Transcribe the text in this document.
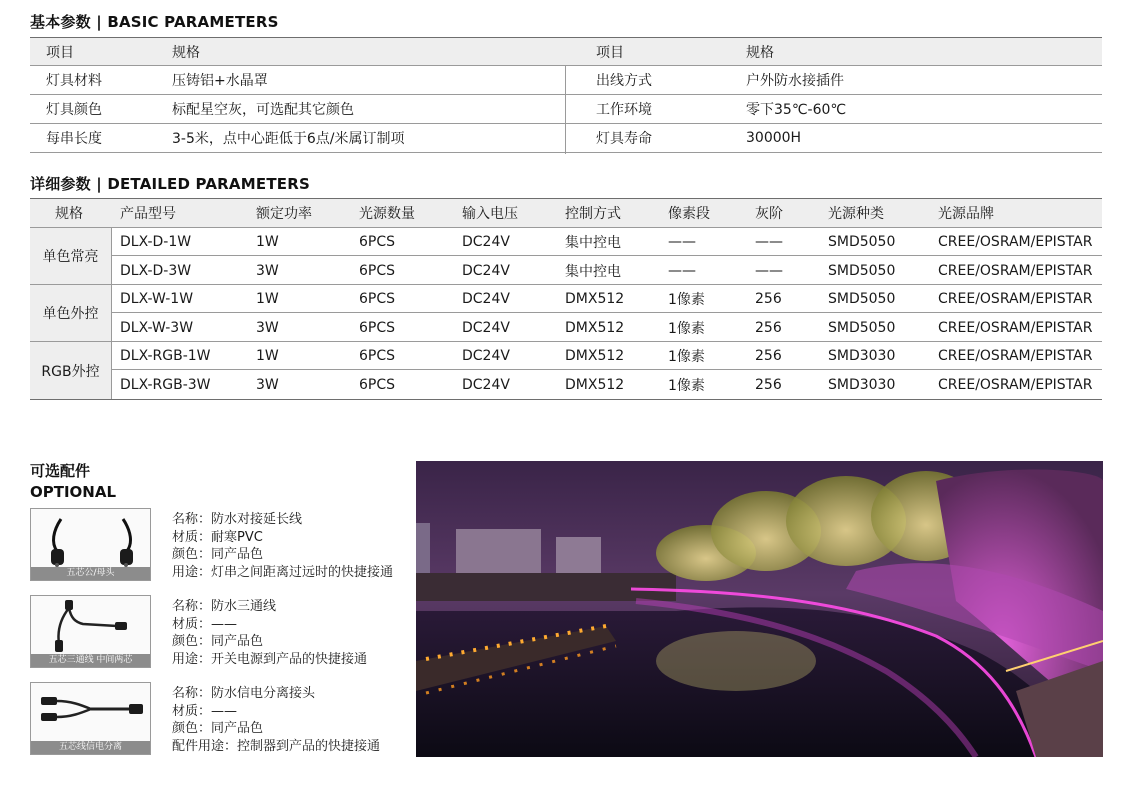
基本参数 | BASIC PARAMETERS
项目	规格	项目	规格
灯具材料	压铸铝+水晶罩	出线方式	户外防水接插件
灯具颜色	标配星空灰，可选配其它颜色	工作环境	零下35℃-60℃
每串长度	3-5米，点中心距低于6点/米属订制项	灯具寿命	30000H
详细参数 | DETAILED PARAMETERS
规格	产品型号	额定功率	光源数量	输入电压	控制方式	像素段	灰阶	光源种类	光源品牌
单色常亮
DLX-D-1W	1W	6PCS	DC24V	集中控电	——	——	SMD5050	CREE/OSRAM/EPISTAR
DLX-D-3W	3W	6PCS	DC24V	集中控电	——	——	SMD5050	CREE/OSRAM/EPISTAR
单色外控
DLX-W-1W	1W	6PCS	DC24V	DMX512	1像素	256	SMD5050	CREE/OSRAM/EPISTAR
DLX-W-3W	3W	6PCS	DC24V	DMX512	1像素	256	SMD5050	CREE/OSRAM/EPISTAR
RGB外控
DLX-RGB-1W	1W	6PCS	DC24V	DMX512	1像素	256	SMD3030	CREE/OSRAM/EPISTAR
DLX-RGB-3W	3W	6PCS	DC24V	DMX512	1像素	256	SMD3030	CREE/OSRAM/EPISTAR
可选配件
OPTIONAL
五芯公/母头
名称：防水对接延长线
材质：耐寒PVC
颜色：同产品色
用途：灯串之间距离过远时的快捷接通
五芯三通线 中间两芯
名称：防水三通线
材质：——
颜色：同产品色
用途：开关电源到产品的快捷接通
五芯线信电分离
名称：防水信电分离接头
材质：——
颜色：同产品色
配件用途：控制器到产品的快捷接通
